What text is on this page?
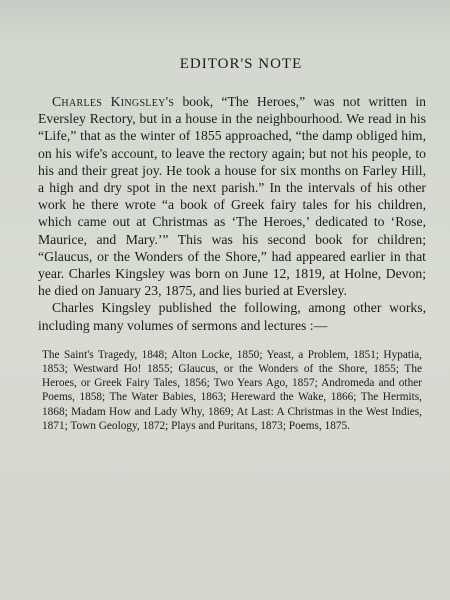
EDITOR'S NOTE

Charles Kingsley's book, “The Heroes,” was not written in Eversley Rectory, but in a house in the neighbourhood. We read in his “Life,” that as the winter of 1855 approached, “the damp obliged him, on his wife's account, to leave the rectory again; but not his people, to his and their great joy. He took a house for six months on Farley Hill, a high and dry spot in the next parish.” In the intervals of his other work he there wrote “a book of Greek fairy tales for his children, which came out at Christmas as ‘The Heroes,’ dedicated to ‘Rose, Maurice, and Mary.’” This was his second book for children; “Glaucus, or the Wonders of the Shore,” had appeared earlier in that year. Charles Kingsley was born on June 12, 1819, at Holne, Devon; he died on January 23, 1875, and lies buried at Eversley.

Charles Kingsley published the following, among other works, including many volumes of sermons and lectures :—

The Saint's Tragedy, 1848; Alton Locke, 1850; Yeast, a Problem, 1851; Hypatia, 1853; Westward Ho! 1855; Glaucus, or the Wonders of the Shore, 1855; The Heroes, or Greek Fairy Tales, 1856; Two Years Ago, 1857; Andromeda and other Poems, 1858; The Water Babies, 1863; Hereward the Wake, 1866; The Hermits, 1868; Madam How and Lady Why, 1869; At Last: A Christmas in the West Indies, 1871; Town Geology, 1872; Plays and Puritans, 1873; Poems, 1875.
